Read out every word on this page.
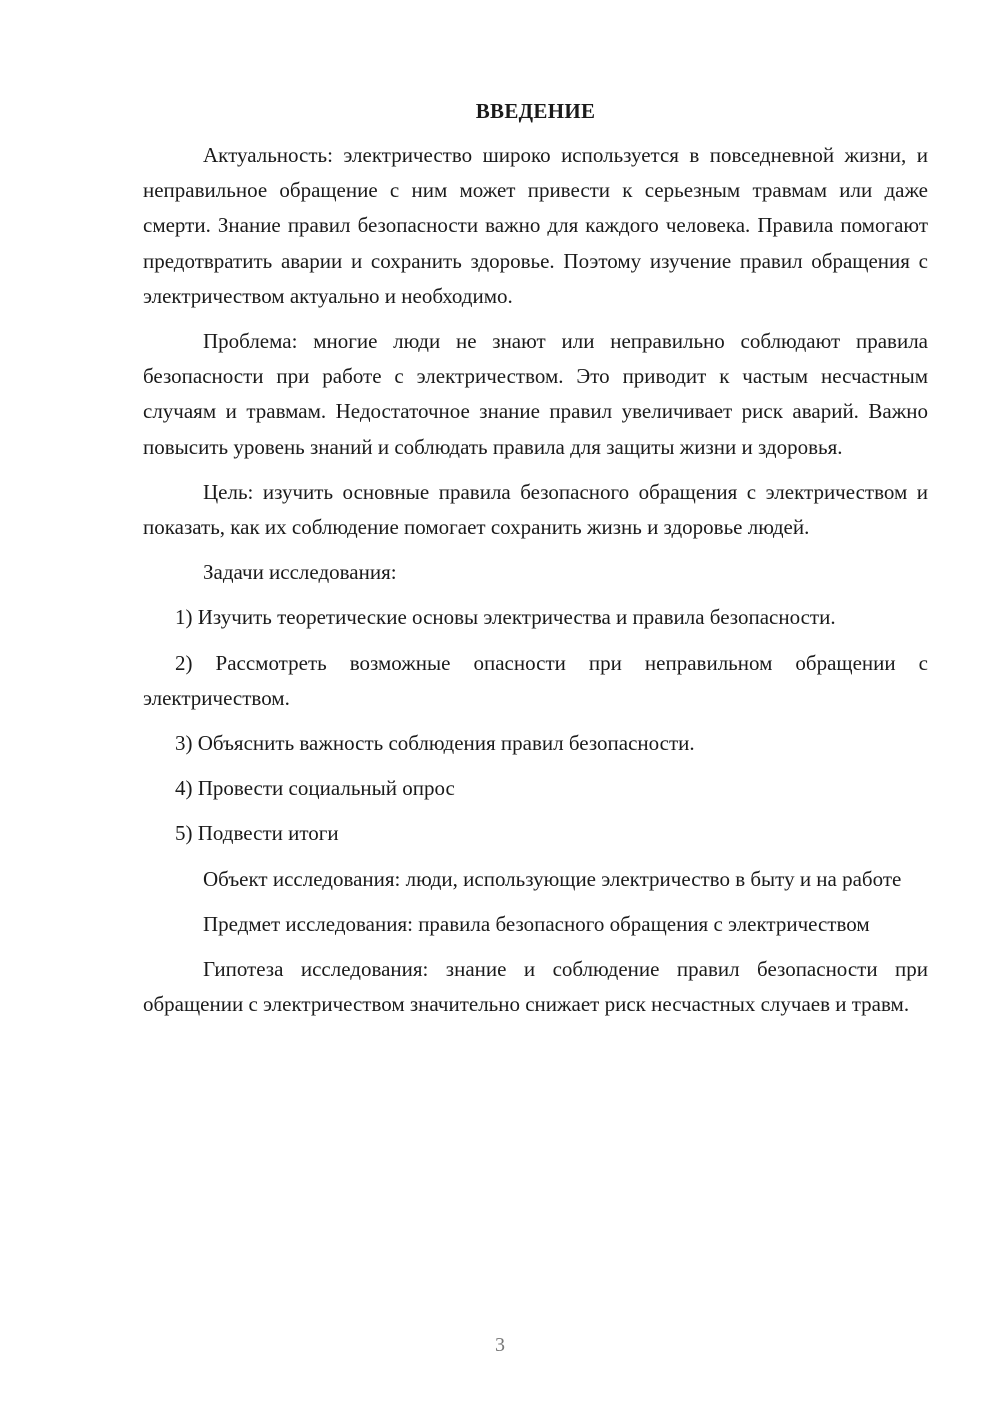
ВВЕДЕНИЕ

Актуальность: электричество широко используется в повседневной жизни, и неправильное обращение с ним может привести к серьезным травмам или даже смерти. Знание правил безопасности важно для каждого человека. Правила помогают предотвратить аварии и сохранить здоровье. Поэтому изучение правил обращения с электричеством актуально и необходимо.

Проблема: многие люди не знают или неправильно соблюдают правила безопасности при работе с электричеством. Это приводит к частым несчастным случаям и травмам. Недостаточное знание правил увеличивает риск аварий. Важно повысить уровень знаний и соблюдать правила для защиты жизни и здоровья.

Цель: изучить основные правила безопасного обращения с электричеством и показать, как их соблюдение помогает сохранить жизнь и здоровье людей.

Задачи исследования:

1) Изучить теоретические основы электричества и правила безопасности.

2) Рассмотреть возможные опасности при неправильном обращении с электричеством.

3) Объяснить важность соблюдения правил безопасности.

4) Провести социальный опрос

5) Подвести итоги

Объект исследования: люди, использующие электричество в быту и на работе

Предмет исследования: правила безопасного обращения с электричеством

Гипотеза исследования: знание и соблюдение правил безопасности при обращении с электричеством значительно снижает риск несчастных случаев и травм.

3
